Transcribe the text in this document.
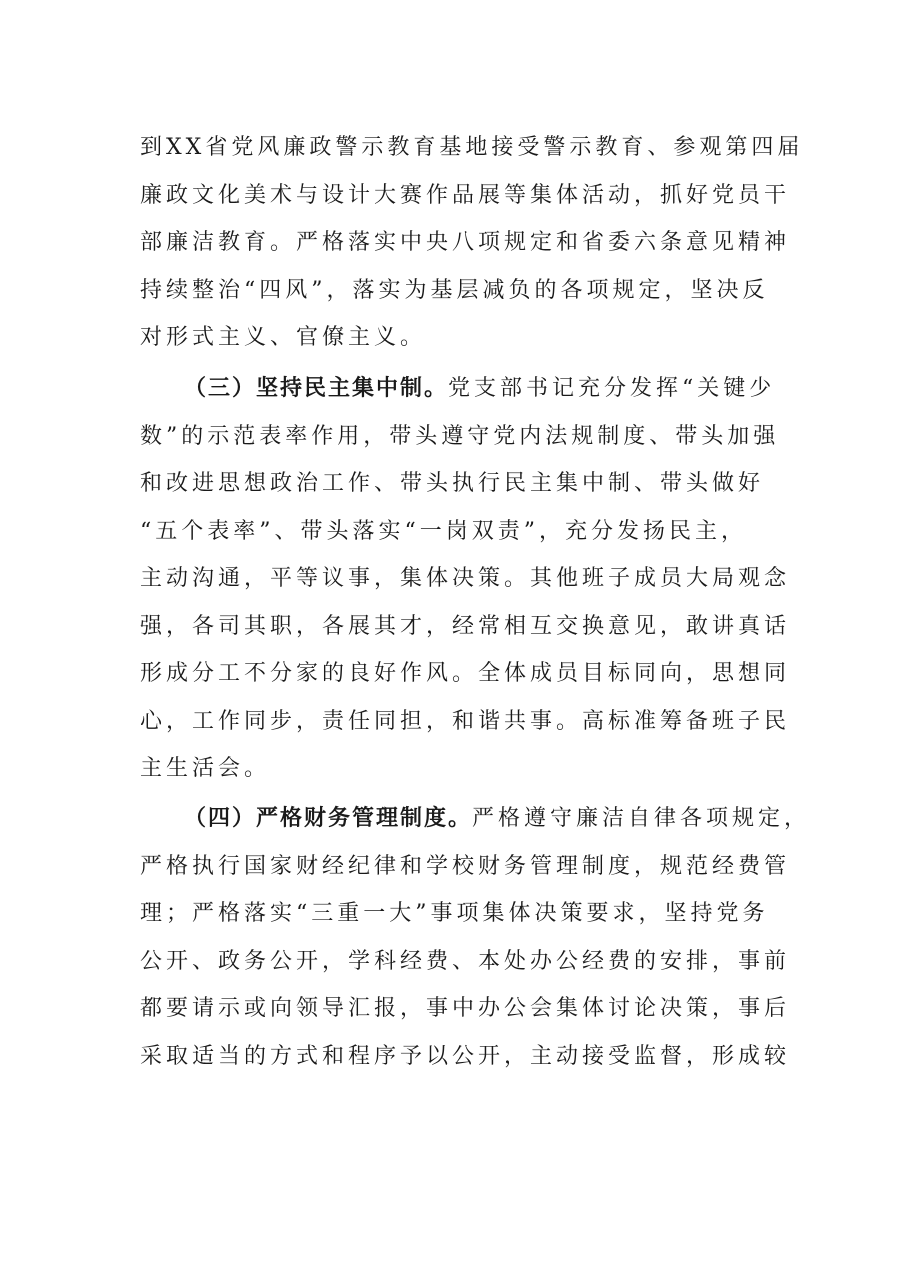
到XX省党风廉政警示教育基地接受警示教育、参观第四届
廉政文化美术与设计大赛作品展等集体活动，抓好党员干
部廉洁教育。严格落实中央八项规定和省委六条意见精神
持续整治“四风”，落实为基层减负的各项规定，坚决反
对形式主义、官僚主义。
（三）坚持民主集中制。党支部书记充分发挥“关键少
数”的示范表率作用，带头遵守党内法规制度、带头加强
和改进思想政治工作、带头执行民主集中制、带头做好
“五个表率”、带头落实“一岗双责”，充分发扬民主，
主动沟通，平等议事，集体决策。其他班子成员大局观念
强，各司其职，各展其才，经常相互交换意见，敢讲真话
形成分工不分家的良好作风。全体成员目标同向，思想同
心，工作同步，责任同担，和谐共事。高标准筹备班子民
主生活会。
（四）严格财务管理制度。严格遵守廉洁自律各项规定，
严格执行国家财经纪律和学校财务管理制度，规范经费管
理；严格落实“三重一大”事项集体决策要求，坚持党务
公开、政务公开，学科经费、本处办公经费的安排，事前
都要请示或向领导汇报，事中办公会集体讨论决策，事后
采取适当的方式和程序予以公开，主动接受监督，形成较
